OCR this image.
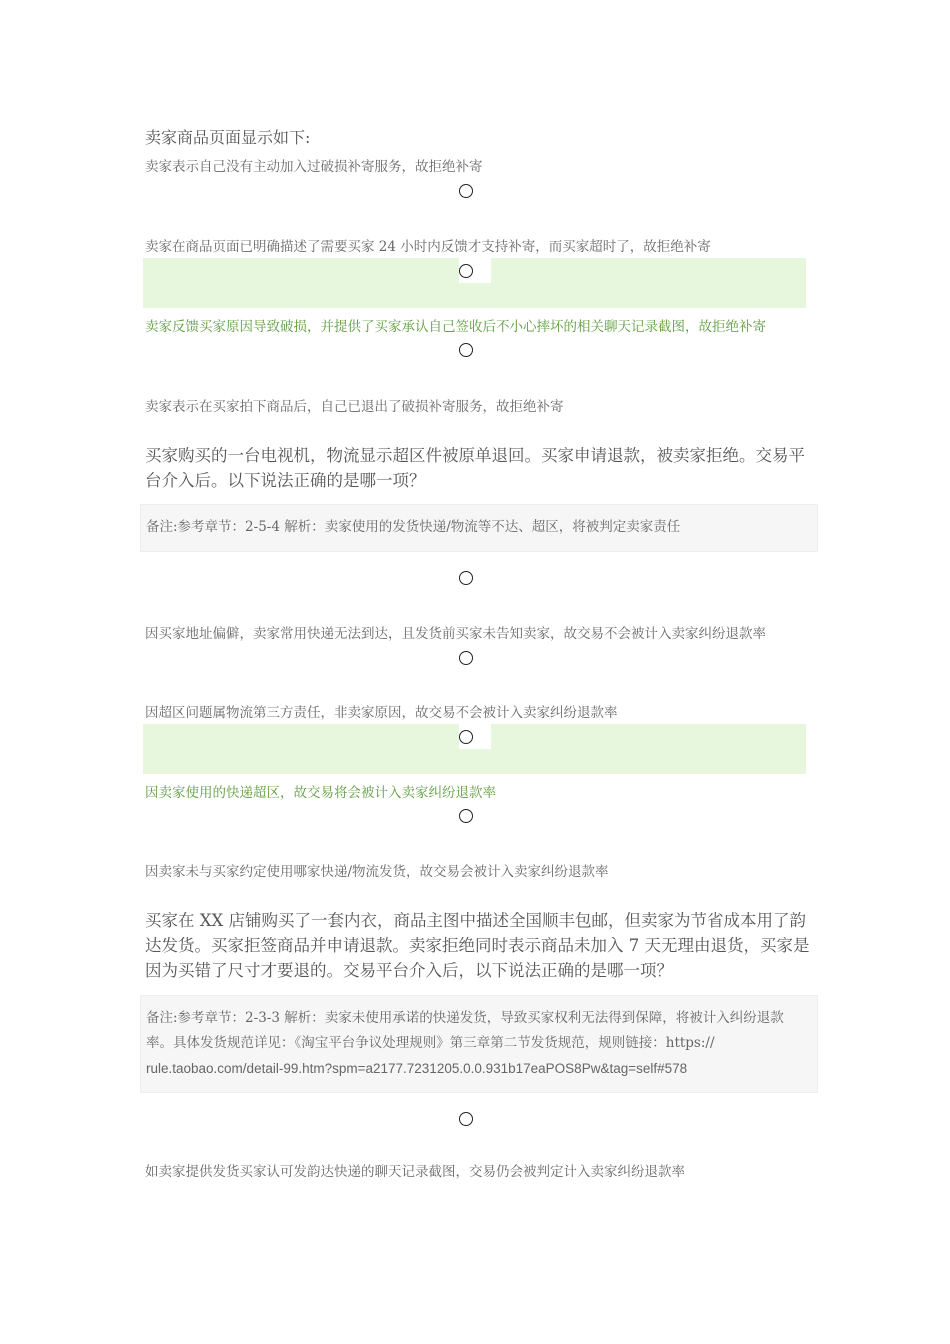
卖家商品页面显示如下:
卖家表示自己没有主动加入过破损补寄服务，故拒绝补寄
卖家在商品页面已明确描述了需要买家 24 小时内反馈才支持补寄，而买家超时了，故拒绝补寄
卖家反馈买家原因导致破损，并提供了买家承认自己签收后不小心摔坏的相关聊天记录截图，故拒绝补寄
卖家表示在买家拍下商品后，自己已退出了破损补寄服务，故拒绝补寄
买家购买的一台电视机，物流显示超区件被原单退回。买家申请退款，被卖家拒绝。交易平台介入后。以下说法正确的是哪一项？
备注:参考章节：2-5-4 解析：卖家使用的发货快递/物流等不达、超区，将被判定卖家责任
因买家地址偏僻，卖家常用快递无法到达，且发货前买家未告知卖家，故交易不会被计入卖家纠纷退款率
因超区问题属物流第三方责任，非卖家原因，故交易不会被计入卖家纠纷退款率
因卖家使用的快递超区，故交易将会被计入卖家纠纷退款率
因卖家未与买家约定使用哪家快递/物流发货，故交易会被计入卖家纠纷退款率
买家在 XX 店铺购买了一套内衣，商品主图中描述全国顺丰包邮，但卖家为节省成本用了韵达发货。买家拒签商品并申请退款。卖家拒绝同时表示商品未加入 7 天无理由退货，买家是因为买错了尺寸才要退的。交易平台介入后，以下说法正确的是哪一项？
备注:参考章节：2-3-3 解析：卖家未使用承诺的快递发货，导致买家权利无法得到保障，将被计入纠纷退款
率。具体发货规范详见：《淘宝平台争议处理规则》第三章第二节发货规范，规则链接：https://
rule.taobao.com/detail-99.htm?spm=a2177.7231205.0.0.931b17eaPOS8Pw&tag=self#578
如卖家提供发货买家认可发韵达快递的聊天记录截图，交易仍会被判定计入卖家纠纷退款率
